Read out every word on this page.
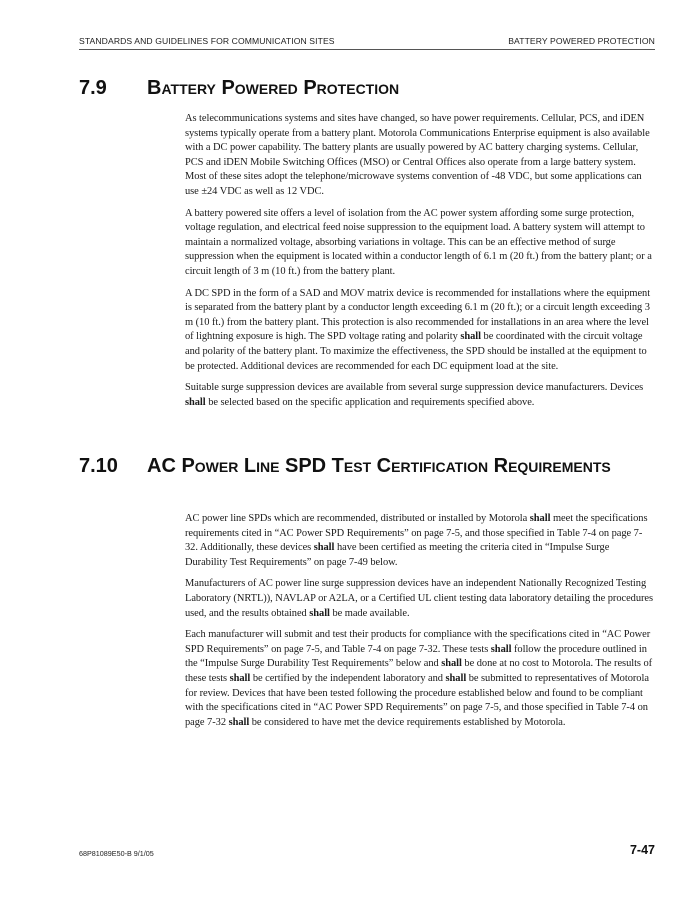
STANDARDS AND GUIDELINES FOR COMMUNICATION SITES	BATTERY POWERED PROTECTION
7.9	Battery Powered Protection

As telecommunications systems and sites have changed, so have power requirements. Cellular, PCS, and iDEN systems typically operate from a battery plant. Motorola Communications Enterprise equipment is also available with a DC power capability. The battery plants are usually powered by AC battery charging systems. Cellular, PCS and iDEN Mobile Switching Offices (MSO) or Central Offices also operate from a large battery system. Most of these sites adopt the telephone/microwave systems convention of -48 VDC, but some applications can use ±24 VDC as well as 12 VDC.

A battery powered site offers a level of isolation from the AC power system affording some surge protection, voltage regulation, and electrical feed noise suppression to the equipment load. A battery system will attempt to maintain a normalized voltage, absorbing variations in voltage. This can be an effective method of surge suppression when the equipment is located within a conductor length of 6.1 m (20 ft.) from the battery plant; or a circuit length of 3 m (10 ft.) from the battery plant.

A DC SPD in the form of a SAD and MOV matrix device is recommended for installations where the equipment is separated from the battery plant by a conductor length exceeding 6.1 m (20 ft.); or a circuit length exceeding 3 m (10 ft.) from the battery plant. This protection is also recommended for installations in an area where the level of lightning exposure is high. The SPD voltage rating and polarity shall be coordinated with the circuit voltage and polarity of the battery plant. To maximize the effectiveness, the SPD should be installed at the equipment to be protected. Additional devices are recommended for each DC equipment load at the site.

Suitable surge suppression devices are available from several surge suppression device manufacturers. Devices shall be selected based on the specific application and requirements specified above.

7.10	AC Power Line SPD Test Certification Requirements

AC power line SPDs which are recommended, distributed or installed by Motorola shall meet the specifications requirements cited in “AC Power SPD Requirements” on page 7-5, and those specified in Table 7-4 on page 7-32. Additionally, these devices shall have been certified as meeting the criteria cited in “Impulse Surge Durability Test Requirements” on page 7-49 below.

Manufacturers of AC power line surge suppression devices have an independent Nationally Recognized Testing Laboratory (NRTL)), NAVLAP or A2LA, or a Certified UL client testing data laboratory detailing the procedures used, and the results obtained shall be made available.

Each manufacturer will submit and test their products for compliance with the specifications cited in “AC Power SPD Requirements” on page 7-5, and Table 7-4 on page 7-32. These tests shall follow the procedure outlined in the “Impulse Surge Durability Test Requirements” below and shall be done at no cost to Motorola. The results of these tests shall be certified by the independent laboratory and shall be submitted to representatives of Motorola for review. Devices that have been tested following the procedure established below and found to be compliant with the specifications cited in “AC Power SPD Requirements” on page 7-5, and those specified in Table 7-4 on page 7-32 shall be considered to have met the device requirements established by Motorola.

68P81089E50-B 9/1/05	7-47
